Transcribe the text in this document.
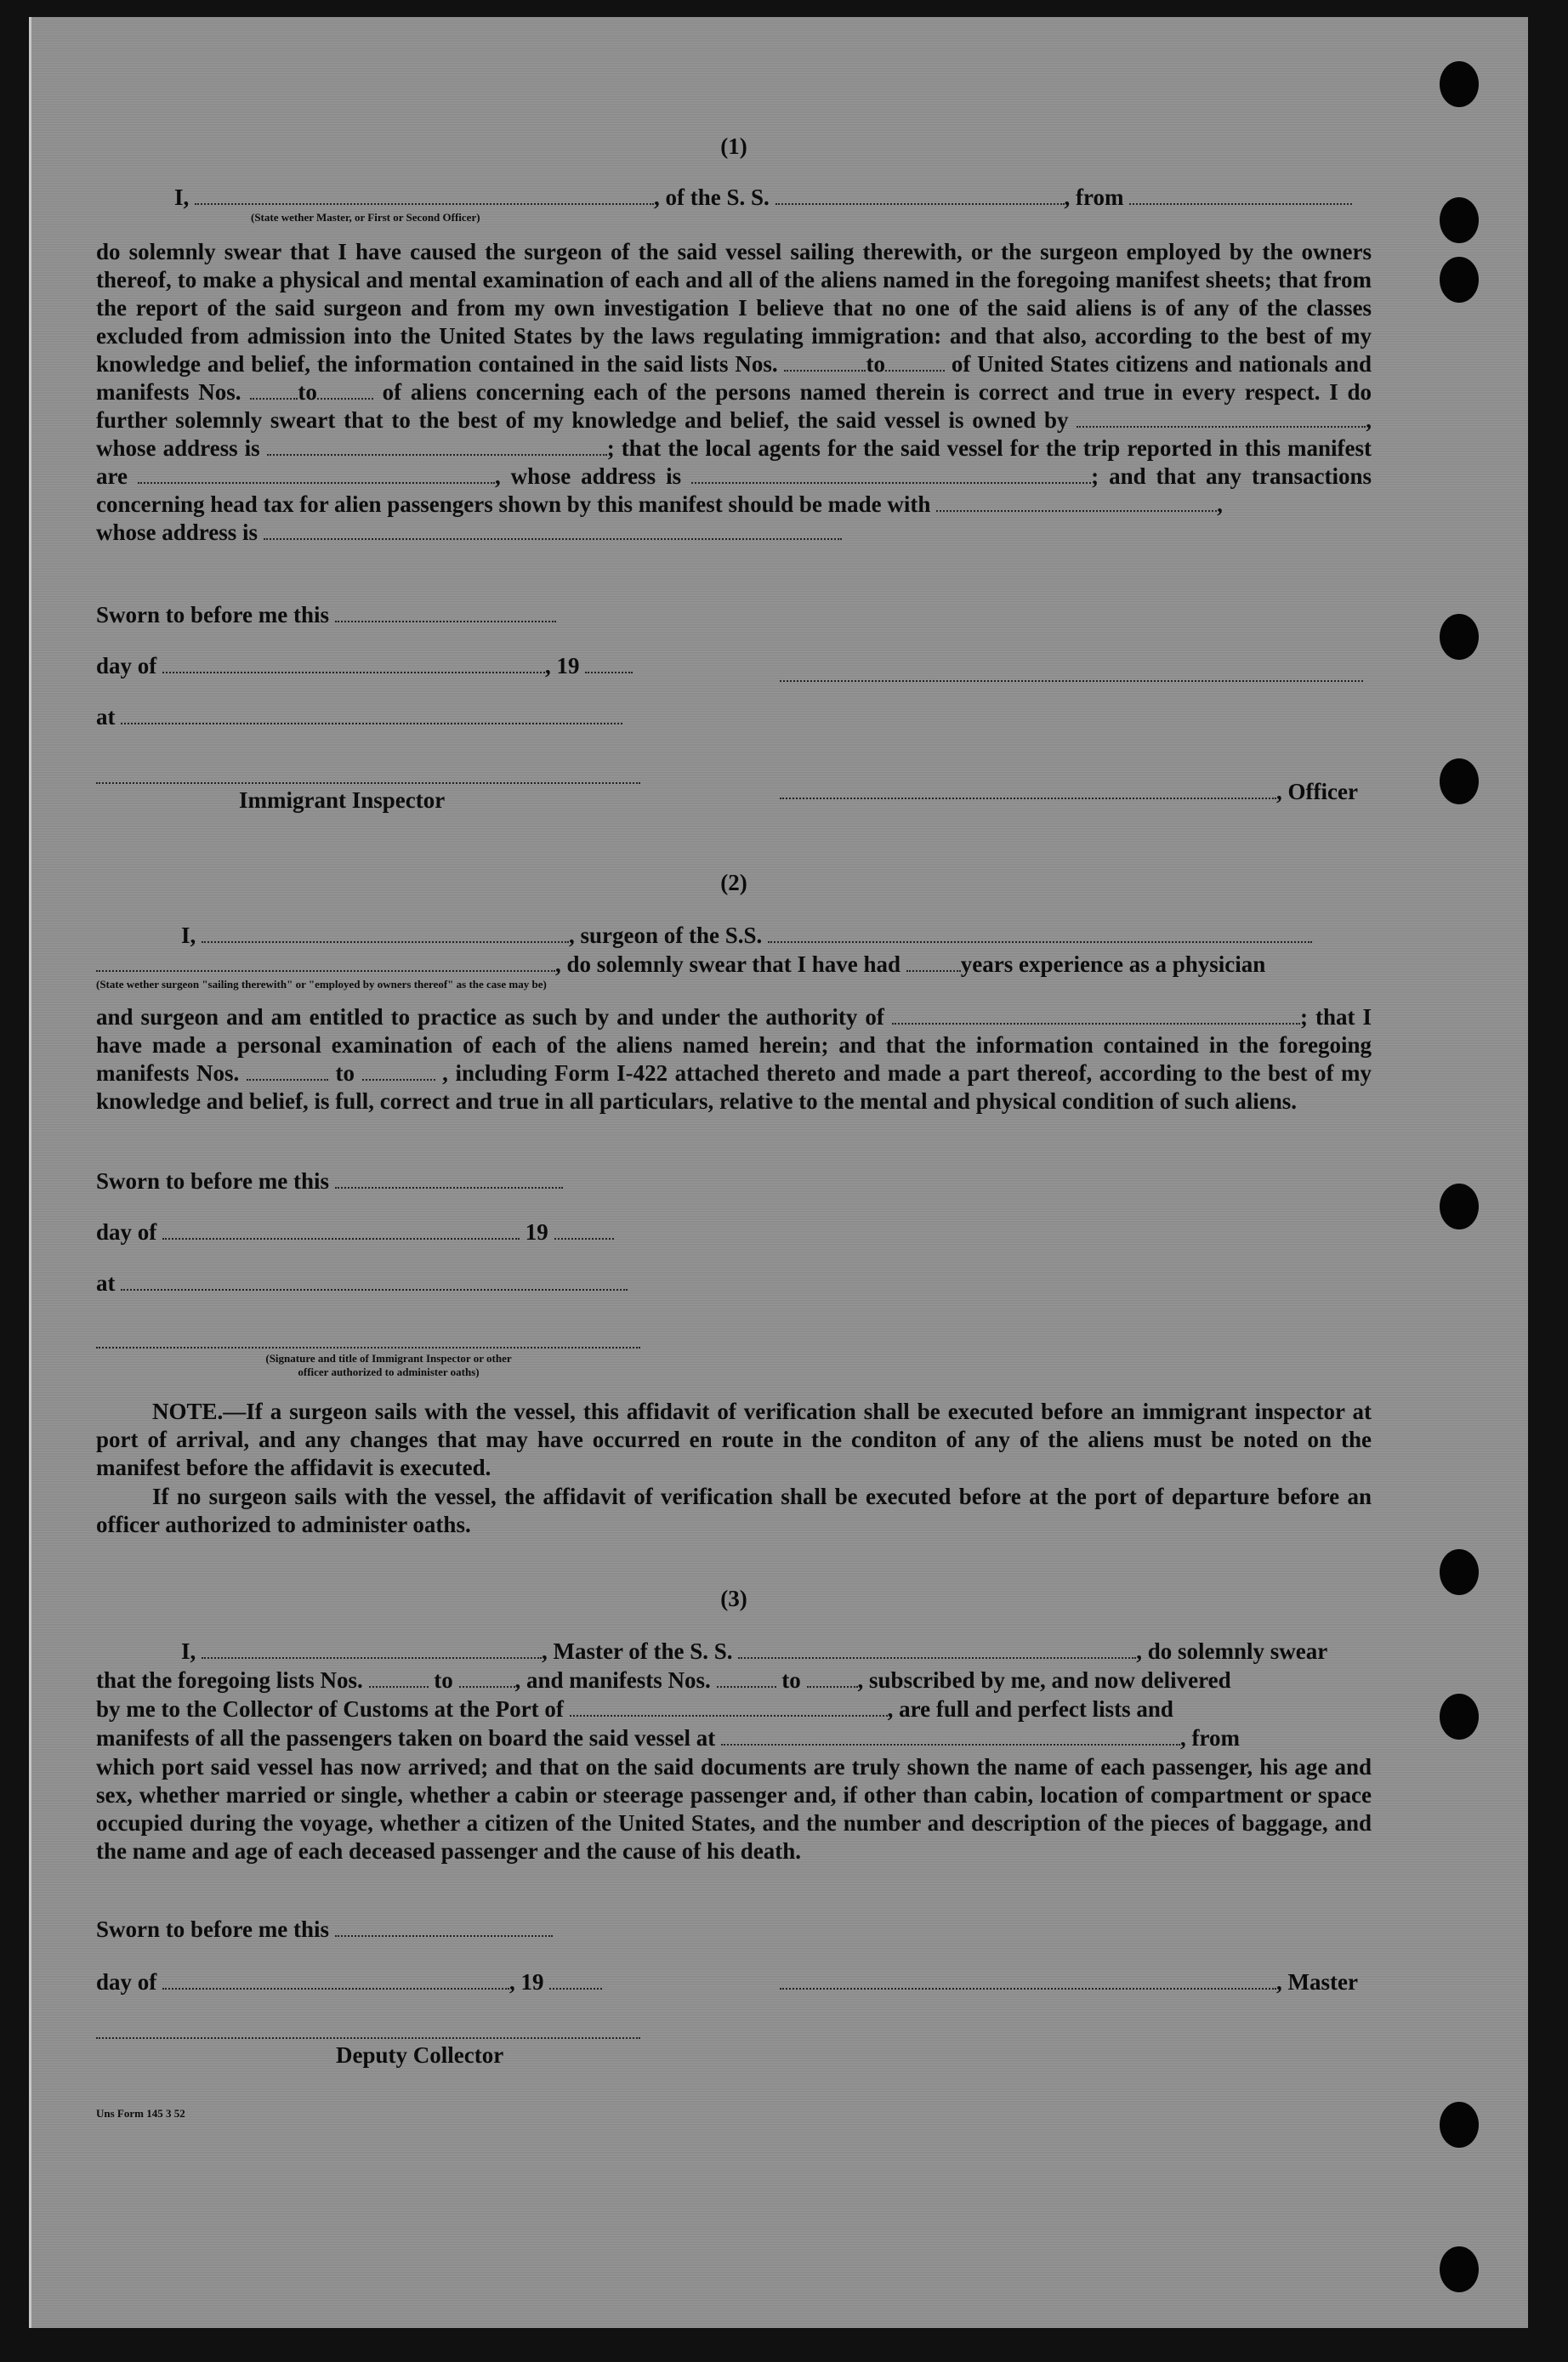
(1)
I,	, of the S. S.	, from
(State wether Master, or First or Second Officer)
do solemnly swear that I have caused the surgeon of the said vessel sailing therewith, or the surgeon employed by the owners thereof, to make a physical and mental examination of each and all of the aliens named in the foregoing manifest sheets; that from the report of the said surgeon and from my own investigation I believe that no one of the said aliens is of any of the classes excluded from admission into the United States by the laws regulating immigration: and that also, according to the best of my knowledge and belief, the information contained in the said lists Nos.	to	of United States citizens and nationals and manifests Nos. to	of aliens concerning each of the persons named therein is correct and true in every respect. I do further solemnly sweart that to the best of my knowledge and belief, the said vessel is owned by	, whose address is	; that the local agents for the said vessel for the trip reported in this manifest are	, whose address is	; and that any transactions concerning head tax for alien passengers shown by this manifest should be made with	,
whose address is
Sworn to before me this
day of	, 19
at
Immigrant Inspector	, Officer
(2)
I,	, surgeon of the S.S.
, do solemnly swear that I have had	years experience as a physician
(State wether surgeon "sailing therewith" or "employed by owners thereof" as the case may be)
and surgeon and am entitled to practice as such by and under the authority of	; that I have made a personal examination of each of the aliens named herein; and that the information contained in the foregoing manifests Nos.	to	, including Form I-422 attached thereto and made a part thereof, according to the best of my knowledge and belief, is full, correct and true in all particulars, relative to the mental and physical condition of such aliens.
Sworn to before me this
day of	19
at
(Signature and title of Immigrant Inspector or other
officer authorized to administer oaths)
NOTE.—If a surgeon sails with the vessel, this affidavit of verification shall be executed before an immigrant inspector at port of arrival, and any changes that may have occurred en route in the conditon of any of the aliens must be noted on the manifest before the affidavit is executed.
If no surgeon sails with the vessel, the affidavit of verification shall be executed before at the port of departure before an officer authorized to administer oaths.
(3)
I,	, Master of the S. S.	, do solemnly swear
that the foregoing lists Nos.	to	, and manifests Nos.	to , subscribed by me, and now delivered
by me to the Collector of Customs at the Port of	, are full and perfect lists and
manifests of all the passengers taken on board the said vessel at	, from
which port said vessel has now arrived; and that on the said documents are truly shown the name of each passenger, his age and sex, whether married or single, whether a cabin or steerage passenger and, if other than cabin, location of compartment or space occupied during the voyage, whether a citizen of the United States, and the number and description of the pieces of baggage, and the name and age of each deceased passenger and the cause of his death.
Sworn to before me this
day of	, 19	, Master
Deputy Collector
Uns Form 145 3 52
